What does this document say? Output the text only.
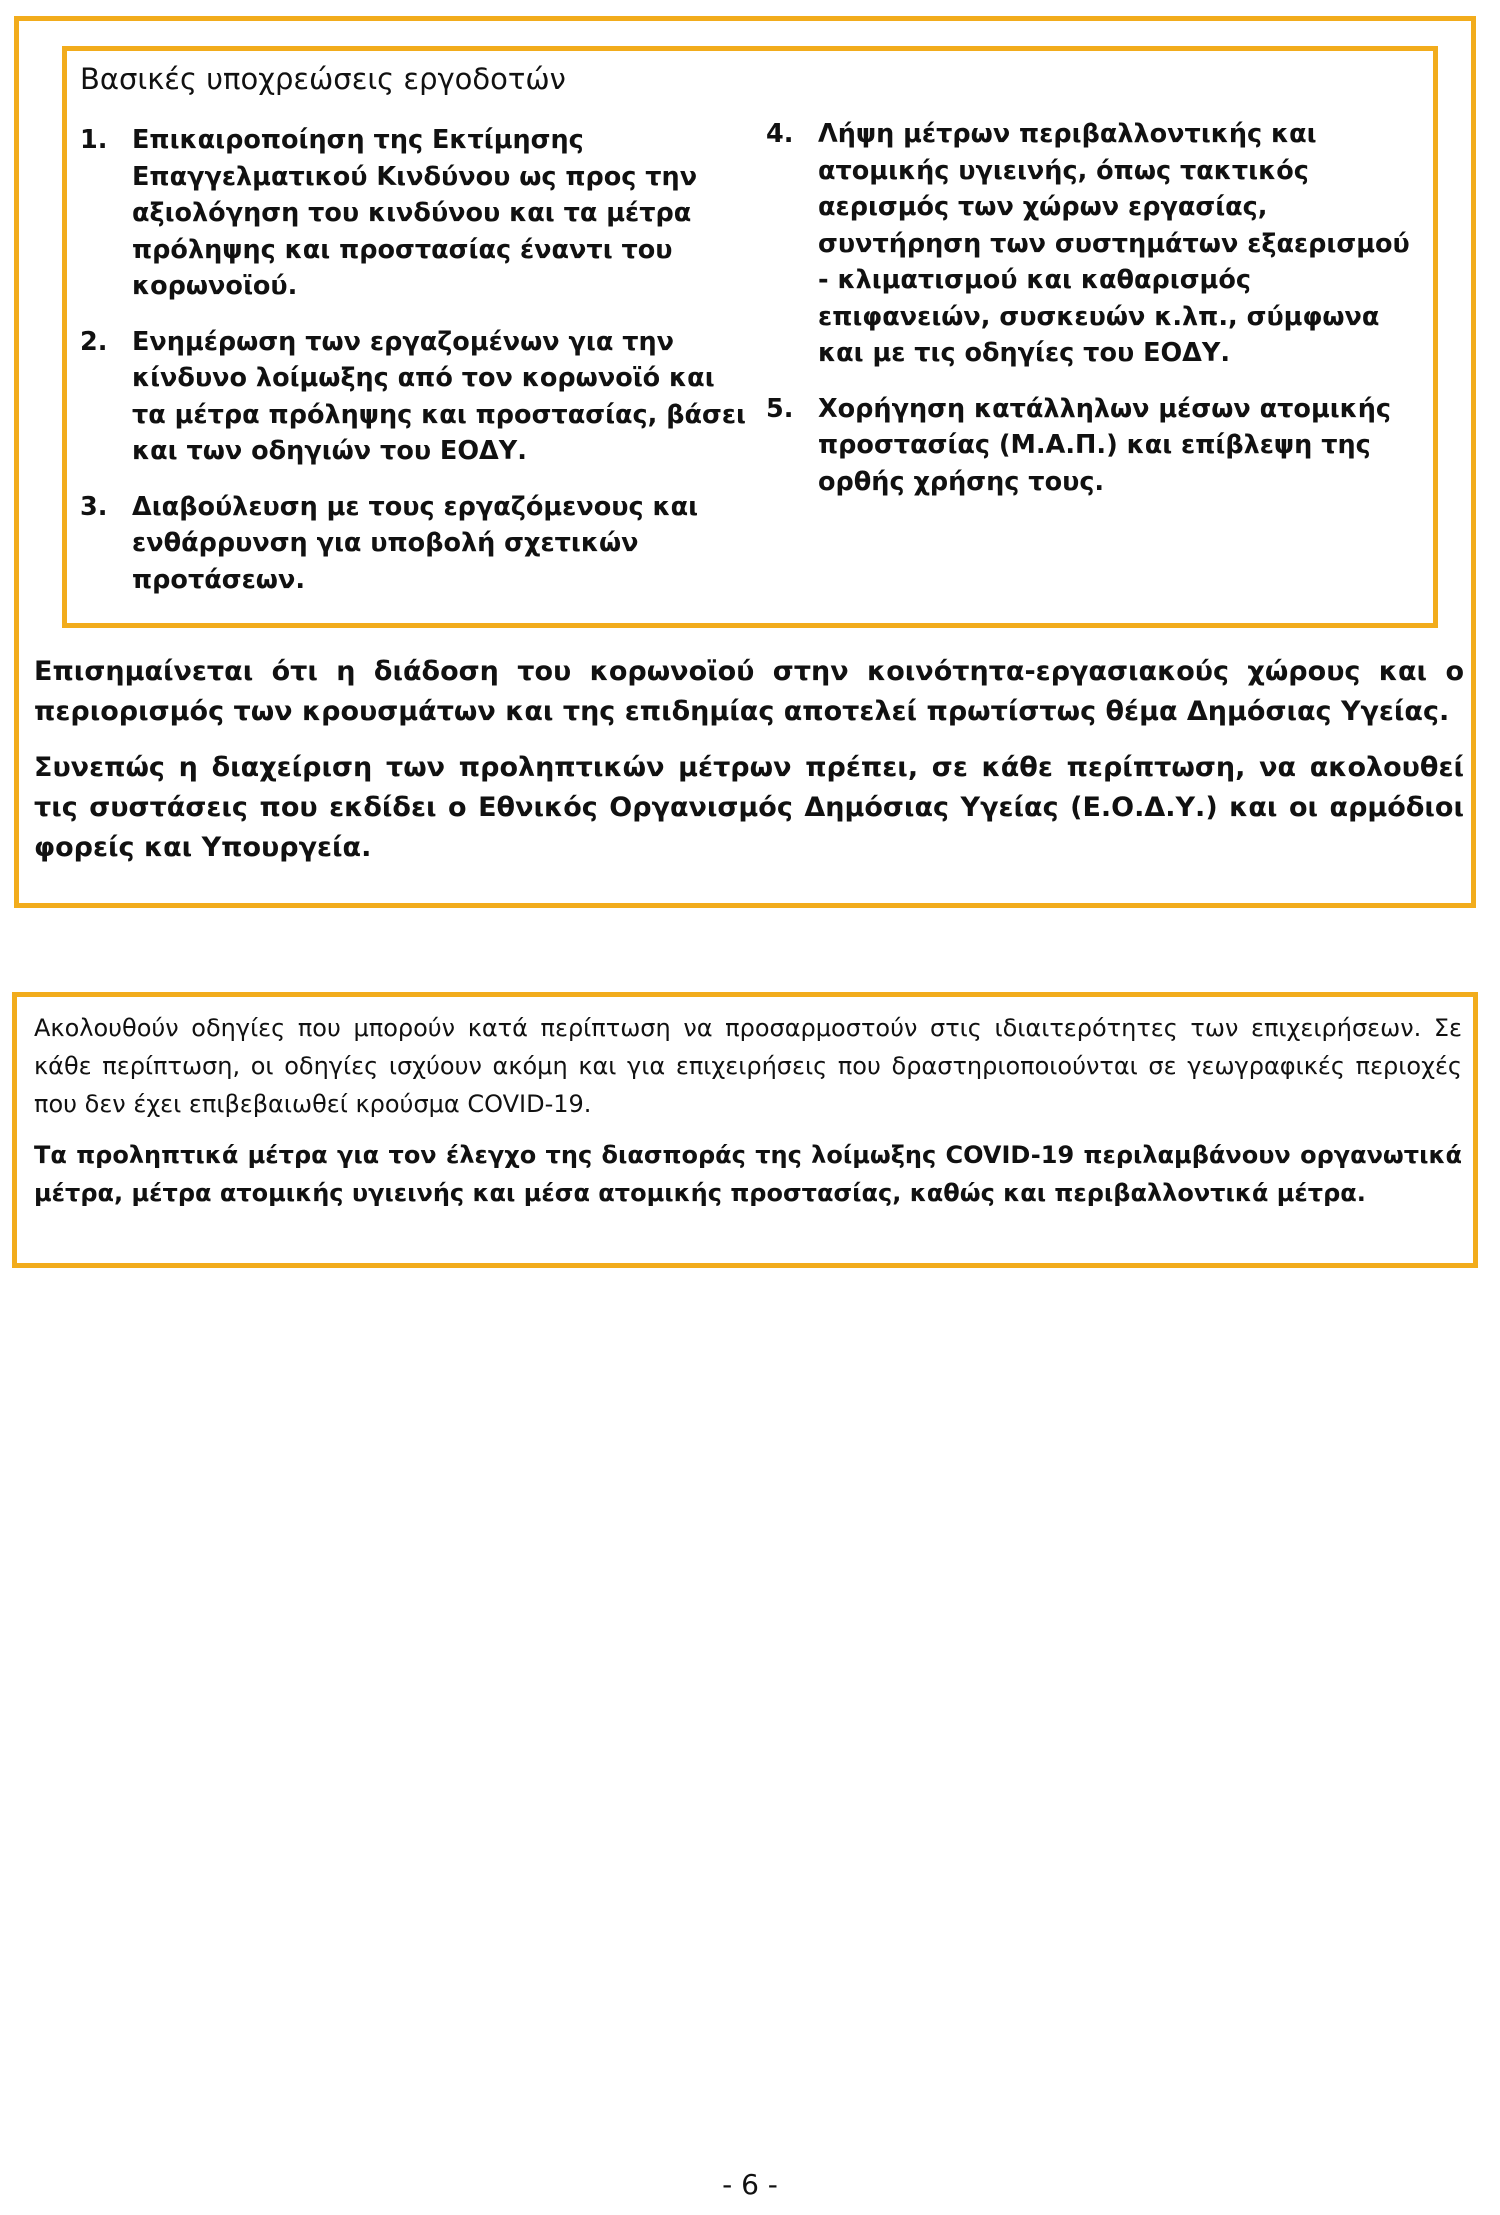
Βασικές υποχρεώσεις εργοδοτών
1. Επικαιροποίηση της Εκτίμησης Επαγγελματικού Κινδύνου ως προς την αξιολόγηση του κινδύνου και τα μέτρα πρόληψης και προστασίας έναντι του κορωνοϊού.
2. Ενημέρωση των εργαζομένων για την κίνδυνο λοίμωξης από τον κορωνοϊό και τα μέτρα πρόληψης και προστασίας, βάσει και των οδηγιών του ΕΟΔΥ.
3. Διαβούλευση με τους εργαζόμενους και ενθάρρυνση για υποβολή σχετικών προτάσεων.
4. Λήψη μέτρων περιβαλλοντικής και ατομικής υγιεινής, όπως τακτικός αερισμός των χώρων εργασίας, συντήρηση των συστημάτων εξαερισμού - κλιματισμού και καθαρισμός επιφανειών, συσκευών κ.λπ., σύμφωνα και με τις οδηγίες του ΕΟΔΥ.
5. Χορήγηση κατάλληλων μέσων ατομικής προστασίας (Μ.Α.Π.) και επίβλεψη της ορθής χρήσης τους.

Επισημαίνεται ότι η διάδοση του κορωνοϊού στην κοινότητα-εργασιακούς χώρους και ο περιορισμός των κρουσμάτων και της επιδημίας αποτελεί πρωτίστως θέμα Δημόσιας Υγείας.

Συνεπώς η διαχείριση των προληπτικών μέτρων πρέπει, σε κάθε περίπτωση, να ακολουθεί τις συστάσεις που εκδίδει ο Εθνικός Οργανισμός Δημόσιας Υγείας (Ε.Ο.Δ.Υ.) και οι αρμόδιοι φορείς και Υπουργεία.

Ακολουθούν οδηγίες που μπορούν κατά περίπτωση να προσαρμοστούν στις ιδιαιτερότητες των επιχειρήσεων. Σε κάθε περίπτωση, οι οδηγίες ισχύουν ακόμη και για επιχειρήσεις που δραστηριοποιούνται σε γεωγραφικές περιοχές που δεν έχει επιβεβαιωθεί κρούσμα COVID-19.

Τα προληπτικά μέτρα για τον έλεγχο της διασποράς της λοίμωξης COVID-19 περιλαμβάνουν οργανωτικά μέτρα, μέτρα ατομικής υγιεινής και μέσα ατομικής προστασίας, καθώς και περιβαλλοντικά μέτρα.

- 6 -
